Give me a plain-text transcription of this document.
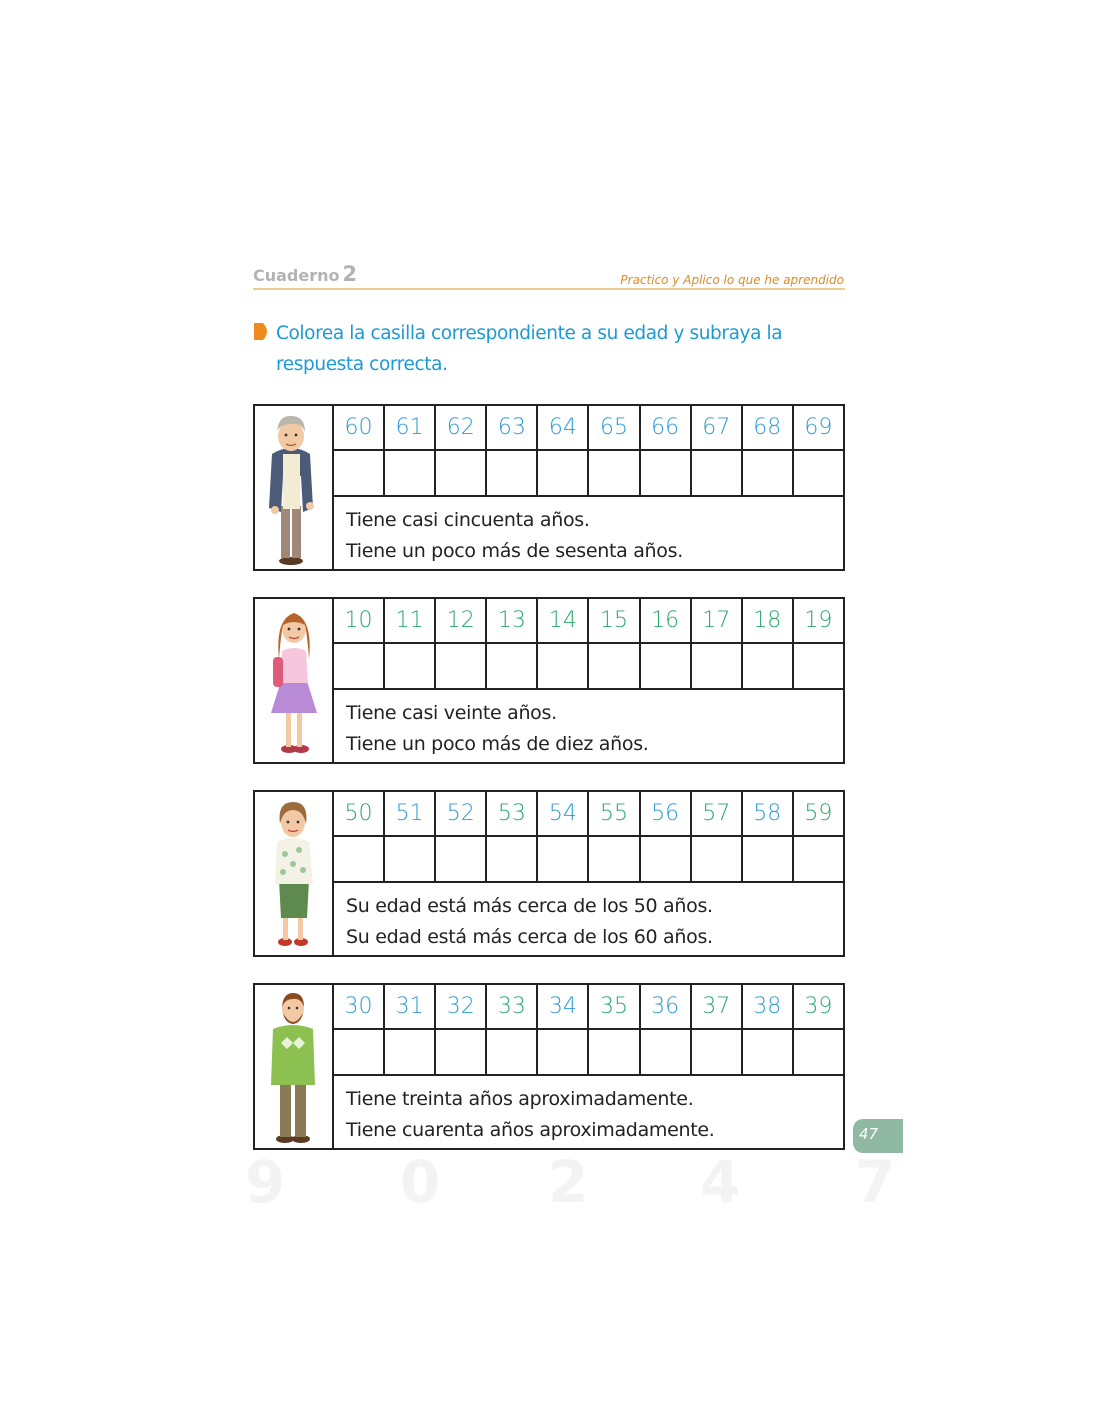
Cuaderno 2	Practico y Aplico lo que he aprendido
Colorea la casilla correspondiente a su edad y subraya la respuesta correcta.
60	61	62	63	64	65	66	67	68	69
Tiene casi cincuenta años.
Tiene un poco más de sesenta años.
10	11	12	13	14	15	16	17	18	19
Tiene casi veinte años.
Tiene un poco más de diez años.
50	51	52	53	54	55	56	57	58	59
Su edad está más cerca de los 50 años.
Su edad está más cerca de los 60 años.
30	31	32	33	34	35	36	37	38	39
Tiene treinta años aproximadamente.
Tiene cuarenta años aproximadamente.	47
9 0 2 4 7
